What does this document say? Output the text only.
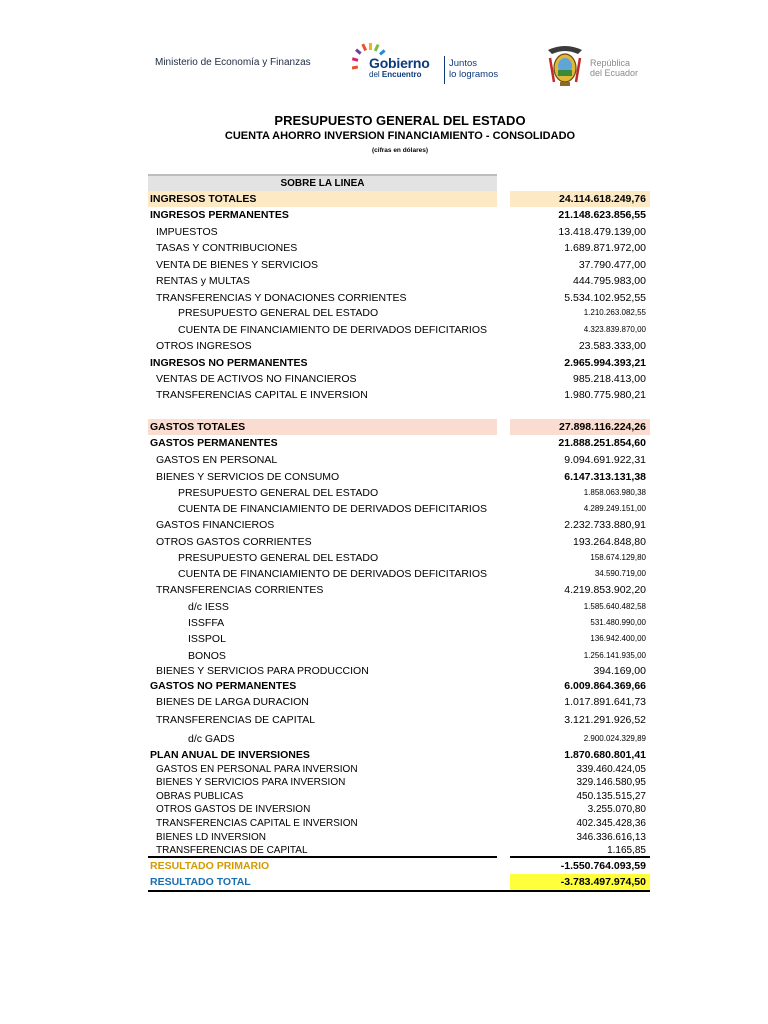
Ministerio de Economía y Finanzas	Gobierno
del Encuentro
Juntos
lo logramos
República
del Ecuador
PRESUPUESTO GENERAL DEL ESTADO
CUENTA AHORRO INVERSION FINANCIAMIENTO - CONSOLIDADO
(cifras en dólares)
SOBRE LA LINEA
INGRESOS TOTALES	24.114.618.249,76
INGRESOS PERMANENTES	21.148.623.856,55
IMPUESTOS	13.418.479.139,00
TASAS Y CONTRIBUCIONES	1.689.871.972,00
VENTA DE BIENES Y SERVICIOS	37.790.477,00
RENTAS y MULTAS	444.795.983,00
TRANSFERENCIAS Y DONACIONES CORRIENTES	5.534.102.952,55
PRESUPUESTO GENERAL DEL ESTADO	1.210.263.082,55
CUENTA DE FINANCIAMIENTO DE DERIVADOS DEFICITARIOS	4.323.839.870,00
OTROS INGRESOS	23.583.333,00
INGRESOS NO PERMANENTES	2.965.994.393,21
VENTAS DE ACTIVOS NO FINANCIEROS	985.218.413,00
TRANSFERENCIAS CAPITAL E INVERSION	1.980.775.980,21
GASTOS TOTALES	27.898.116.224,26
GASTOS PERMANENTES	21.888.251.854,60
GASTOS EN PERSONAL	9.094.691.922,31
BIENES Y SERVICIOS DE CONSUMO	6.147.313.131,38
PRESUPUESTO GENERAL DEL ESTADO	1.858.063.980,38
CUENTA DE FINANCIAMIENTO DE DERIVADOS DEFICITARIOS	4.289.249.151,00
GASTOS FINANCIEROS	2.232.733.880,91
OTROS GASTOS CORRIENTES	193.264.848,80
PRESUPUESTO GENERAL DEL ESTADO	158.674.129,80
CUENTA DE FINANCIAMIENTO DE DERIVADOS DEFICITARIOS	34.590.719,00
TRANSFERENCIAS CORRIENTES	4.219.853.902,20
d/c IESS	1.585.640.482,58
ISSFFA	531.480.990,00
ISSPOL	136.942.400,00
BONOS	1.256.141.935,00
BIENES Y SERVICIOS PARA PRODUCCION	394.169,00
GASTOS NO PERMANENTES	6.009.864.369,66
BIENES DE LARGA DURACION	1.017.891.641,73
TRANSFERENCIAS DE CAPITAL	3.121.291.926,52
d/c GADS	2.900.024.329,89
PLAN ANUAL DE INVERSIONES	1.870.680.801,41
GASTOS EN PERSONAL PARA INVERSION	339.460.424,05
BIENES Y SERVICIOS PARA INVERSION	329.146.580,95
OBRAS PUBLICAS	450.135.515,27
OTROS GASTOS DE INVERSION	3.255.070,80
TRANSFERENCIAS CAPITAL E INVERSION	402.345.428,36
BIENES LD INVERSION	346.336.616,13
TRANSFERENCIAS DE CAPITAL	1.165,85
RESULTADO PRIMARIO	-1.550.764.093,59
RESULTADO TOTAL	-3.783.497.974,50
